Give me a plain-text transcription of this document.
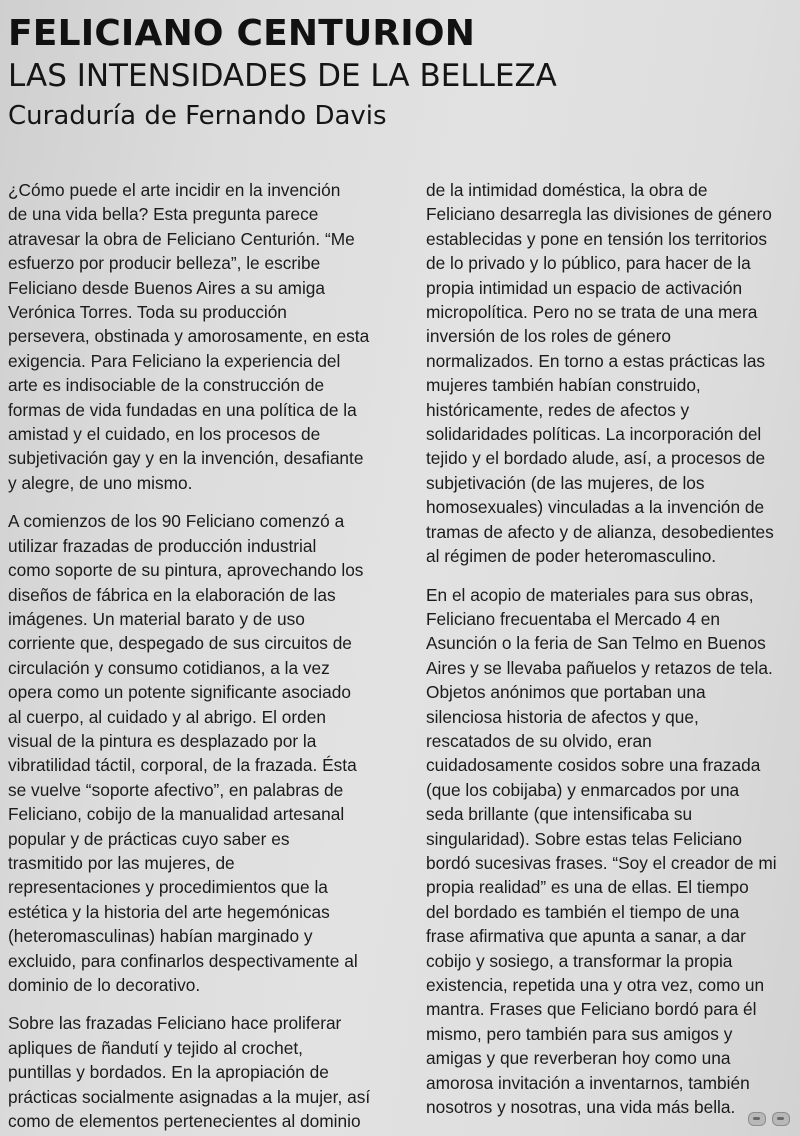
FELICIANO CENTURION
LAS INTENSIDADES DE LA BELLEZA
Curaduría de Fernando Davis

¿Cómo puede el arte incidir en la invención
de una vida bella? Esta pregunta parece
atravesar la obra de Feliciano Centurión. “Me
esfuerzo por producir belleza”, le escribe
Feliciano desde Buenos Aires a su amiga
Verónica Torres. Toda su producción
persevera, obstinada y amorosamente, en esta
exigencia. Para Feliciano la experiencia del
arte es indisociable de la construcción de
formas de vida fundadas en una política de la
amistad y el cuidado, en los procesos de
subjetivación gay y en la invención, desafiante
y alegre, de uno mismo.

A comienzos de los 90 Feliciano comenzó a
utilizar frazadas de producción industrial
como soporte de su pintura, aprovechando los
diseños de fábrica en la elaboración de las
imágenes. Un material barato y de uso
corriente que, despegado de sus circuitos de
circulación y consumo cotidianos, a la vez
opera como un potente significante asociado
al cuerpo, al cuidado y al abrigo. El orden
visual de la pintura es desplazado por la
vibratilidad táctil, corporal, de la frazada. Ésta
se vuelve “soporte afectivo”, en palabras de
Feliciano, cobijo de la manualidad artesanal
popular y de prácticas cuyo saber es
trasmitido por las mujeres, de
representaciones y procedimientos que la
estética y la historia del arte hegemónicas
(heteromasculinas) habían marginado y
excluido, para confinarlos despectivamente al
dominio de lo decorativo.

Sobre las frazadas Feliciano hace proliferar
apliques de ñandutí y tejido al crochet,
puntillas y bordados. En la apropiación de
prácticas socialmente asignadas a la mujer, así
como de elementos pertenecientes al dominio

de la intimidad doméstica, la obra de
Feliciano desarregla las divisiones de género
establecidas y pone en tensión los territorios
de lo privado y lo público, para hacer de la
propia intimidad un espacio de activación
micropolítica. Pero no se trata de una mera
inversión de los roles de género
normalizados. En torno a estas prácticas las
mujeres también habían construido,
históricamente, redes de afectos y
solidaridades políticas. La incorporación del
tejido y el bordado alude, así, a procesos de
subjetivación (de las mujeres, de los
homosexuales) vinculadas a la invención de
tramas de afecto y de alianza, desobedientes
al régimen de poder heteromasculino.

En el acopio de materiales para sus obras,
Feliciano frecuentaba el Mercado 4 en
Asunción o la feria de San Telmo en Buenos
Aires y se llevaba pañuelos y retazos de tela.
Objetos anónimos que portaban una
silenciosa historia de afectos y que,
rescatados de su olvido, eran
cuidadosamente cosidos sobre una frazada
(que los cobijaba) y enmarcados por una
seda brillante (que intensificaba su
singularidad). Sobre estas telas Feliciano
bordó sucesivas frases. “Soy el creador de mi
propia realidad” es una de ellas. El tiempo
del bordado es también el tiempo de una
frase afirmativa que apunta a sanar, a dar
cobijo y sosiego, a transformar la propia
existencia, repetida una y otra vez, como un
mantra. Frases que Feliciano bordó para él
mismo, pero también para sus amigos y
amigas y que reverberan hoy como una
amorosa invitación a inventarnos, también
nosotros y nosotras, una vida más bella.
